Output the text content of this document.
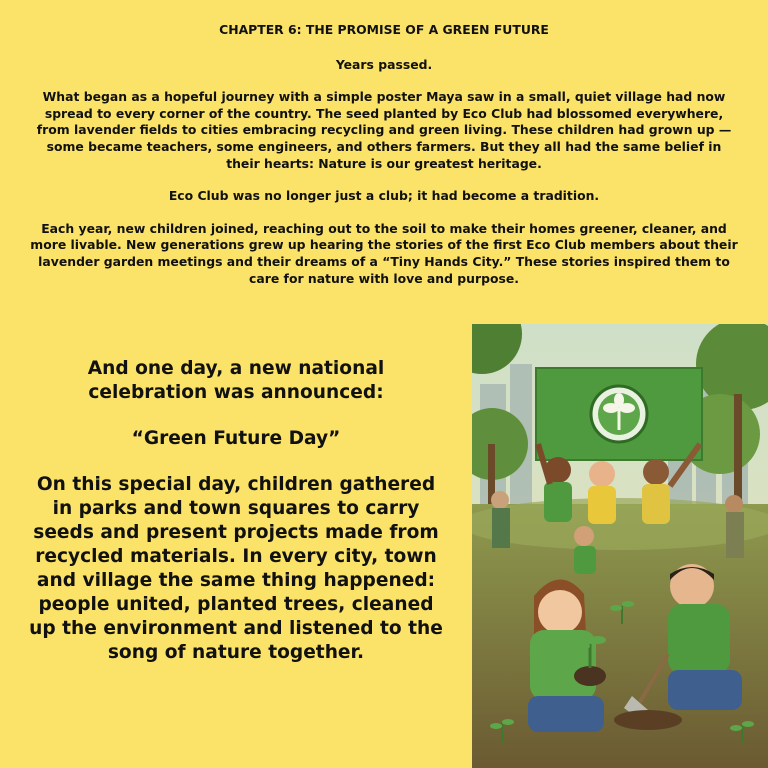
CHAPTER 6: THE PROMISE OF A GREEN FUTURE

Years passed.

What began as a hopeful journey with a simple poster Maya saw in a small, quiet village had now spread to every corner of the country. The seed planted by Eco Club had blossomed everywhere, from lavender fields to cities embracing recycling and green living. These children had grown up —some became teachers, some engineers, and others farmers. But they all had the same belief in their hearts: Nature is our greatest heritage.

Eco Club was no longer just a club; it had become a tradition.

Each year, new children joined, reaching out to the soil to make their homes greener, cleaner, and more livable. New generations grew up hearing the stories of the first Eco Club members about their lavender garden meetings and their dreams of a “Tiny Hands City.” These stories inspired them to care for nature with love and purpose.

And one day, a new national celebration was announced:

“Green Future Day”

On this special day, children gathered in parks and town squares to carry seeds and present projects made from recycled materials. In every city, town and village the same thing happened: people united, planted trees, cleaned up the environment and listened to the song of nature together.
